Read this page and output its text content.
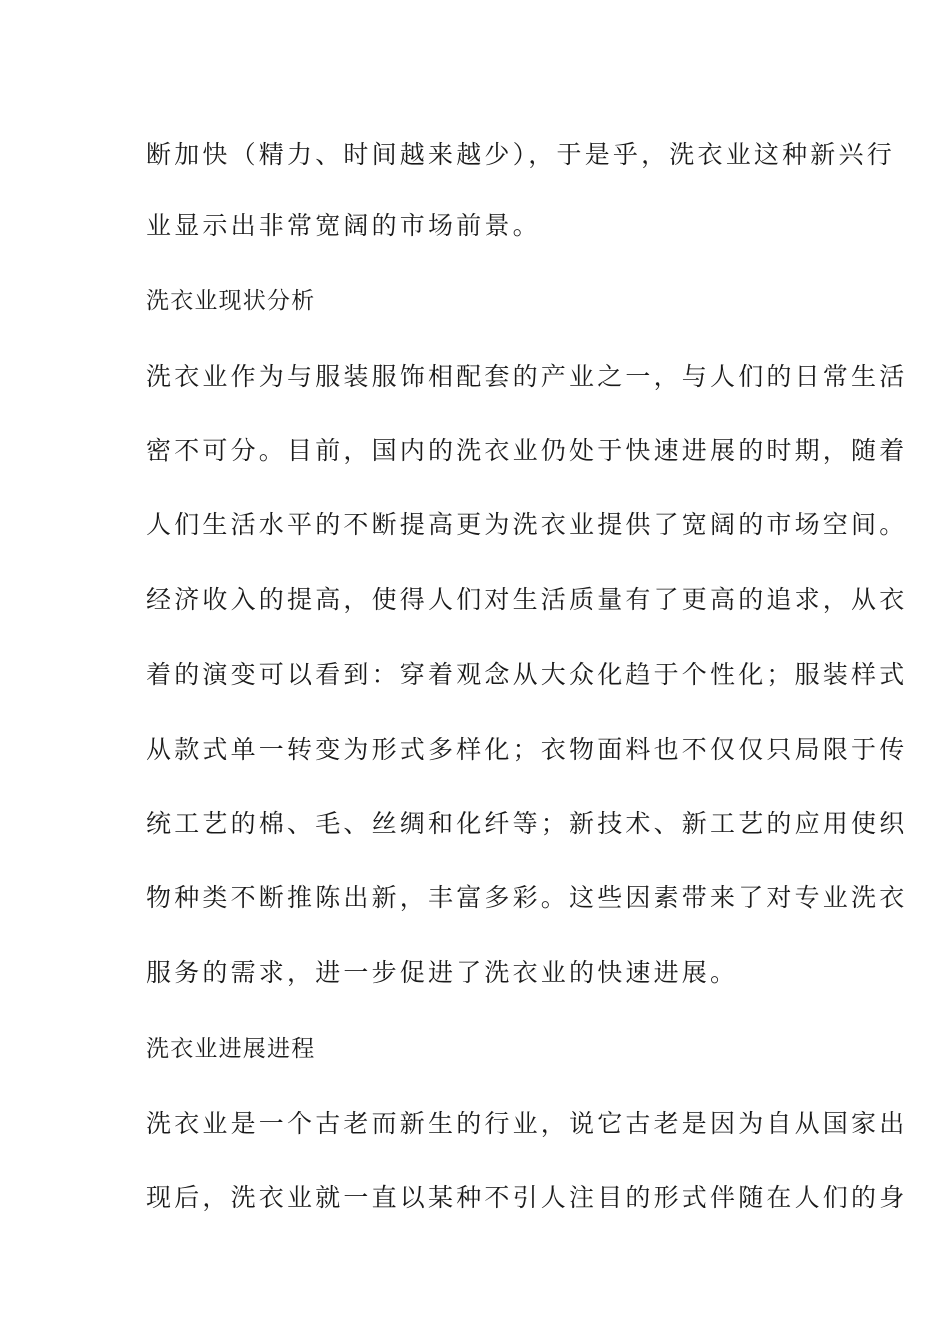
断加快（精力、时间越来越少），于是乎，洗衣业这种新兴行
业显示出非常宽阔的市场前景。
洗衣业现状分析
洗衣业作为与服装服饰相配套的产业之一，与人们的日常生活
密不可分。目前，国内的洗衣业仍处于快速进展的时期，随着
人们生活水平的不断提高更为洗衣业提供了宽阔的市场空间。
经济收入的提高，使得人们对生活质量有了更高的追求，从衣
着的演变可以看到：穿着观念从大众化趋于个性化；服装样式
从款式单一转变为形式多样化；衣物面料也不仅仅只局限于传
统工艺的棉、毛、丝绸和化纤等；新技术、新工艺的应用使织
物种类不断推陈出新，丰富多彩。这些因素带来了对专业洗衣
服务的需求，进一步促进了洗衣业的快速进展。
洗衣业进展进程
洗衣业是一个古老而新生的行业，说它古老是因为自从国家出
现后，洗衣业就一直以某种不引人注目的形式伴随在人们的身
